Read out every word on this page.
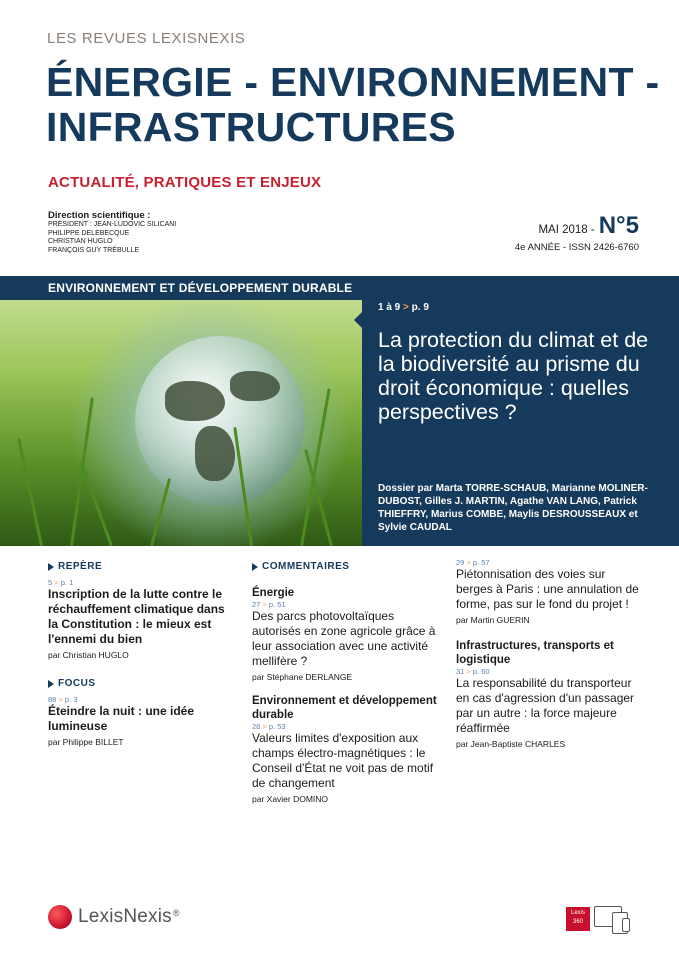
LES REVUES LEXISNEXIS
ÉNERGIE - ENVIRONNEMENT -
INFRASTRUCTURES
ACTUALITÉ, PRATIQUES ET ENJEUX
Direction scientifique :
PRÉSIDENT : JEAN-LUDOVIC SILICANI
PHILIPPE DELEBECQUE
CHRISTIAN HUGLO
FRANÇOIS GUY TRÉBULLE
MAI 2018 - N°5
4e ANNÉE - ISSN 2426-6760
ENVIRONNEMENT ET DÉVELOPPEMENT DURABLE
1 à 9 > p. 9
La protection du climat et de la biodiversité au prisme du droit économique : quelles perspectives ?
Dossier par Marta TORRE-SCHAUB, Marianne MOLINER-DUBOST, Gilles J. MARTIN, Agathe VAN LANG, Patrick THIEFFRY, Marius COMBE, Maylis DESROUSSEAUX et Sylvie CAUDAL
REPÈRE
5 > p. 1
Inscription de la lutte contre le réchauffement climatique dans la Constitution : le mieux est l'ennemi du bien
par Christian HUGLO
FOCUS
88 > p. 3
Éteindre la nuit : une idée lumineuse
par Philippe BILLET
COMMENTAIRES
Énergie
27 > p. 51
Des parcs photovoltaïques autorisés en zone agricole grâce à leur association avec une activité mellifère ?
par Stéphane DERLANGE
Environnement et développement durable
28 > p. 53
Valeurs limites d'exposition aux champs électro-magnétiques : le Conseil d'État ne voit pas de motif de changement
par Xavier DOMINO
29 > p. 57
Piétonnisation des voies sur berges à Paris : une annulation de forme, pas sur le fond du projet !
par Martin GUERIN
Infrastructures, transports et logistique
31 > p. 60
La responsabilité du transporteur en cas d'agression d'un passager par un autre : la force majeure réaffirmée
par Jean-Baptiste CHARLES
LexisNexis ®	Lexis
360
